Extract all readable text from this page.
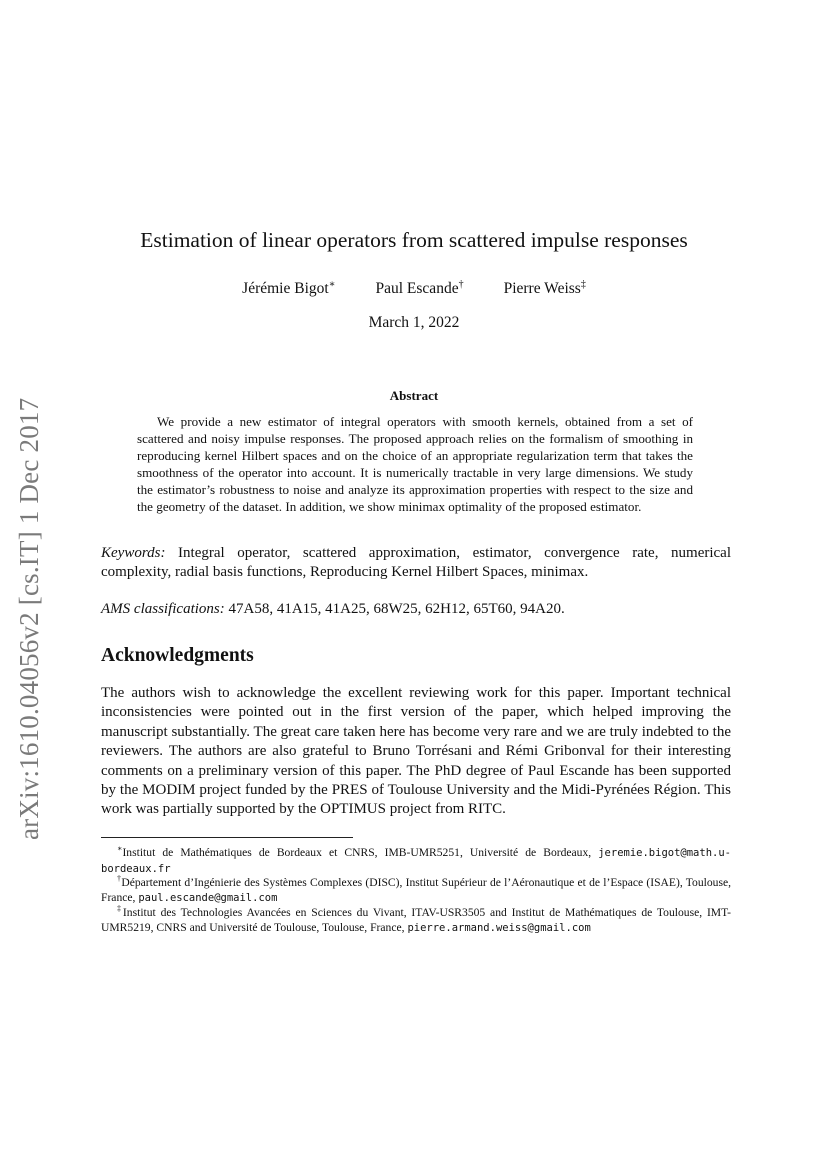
arXiv:1610.04056v2 [cs.IT] 1 Dec 2017
Estimation of linear operators from scattered impulse responses
Jérémie Bigot∗	Paul Escande†	Pierre Weiss‡
March 1, 2022
Abstract
We provide a new estimator of integral operators with smooth kernels, obtained from a set of scattered and noisy impulse responses. The proposed approach relies on the formalism of smoothing in reproducing kernel Hilbert spaces and on the choice of an appropriate regularization term that takes the smoothness of the operator into account. It is numerically tractable in very large dimensions. We study the estimator’s robustness to noise and analyze its approximation properties with respect to the size and the geometry of the dataset. In addition, we show minimax optimality of the proposed estimator.
Keywords: Integral operator, scattered approximation, estimator, convergence rate, numerical complexity, radial basis functions, Reproducing Kernel Hilbert Spaces, minimax.
AMS classifications: 47A58, 41A15, 41A25, 68W25, 62H12, 65T60, 94A20.
Acknowledgments
The authors wish to acknowledge the excellent reviewing work for this paper. Important technical inconsistencies were pointed out in the first version of the paper, which helped improving the manuscript substantially. The great care taken here has become very rare and we are truly indebted to the reviewers. The authors are also grateful to Bruno Torrésani and Rémi Gribonval for their interesting comments on a preliminary version of this paper. The PhD degree of Paul Escande has been supported by the MODIM project funded by the PRES of Toulouse University and the Midi-Pyrénées Région. This work was partially supported by the OPTIMUS project from RITC.
∗Institut de Mathématiques de Bordeaux et CNRS, IMB-UMR5251, Université de Bordeaux, jeremie.bigot@math.u-bordeaux.fr
†Département d’Ingénierie des Systèmes Complexes (DISC), Institut Supérieur de l’Aéronautique et de l’Espace (ISAE), Toulouse, France, paul.escande@gmail.com
‡Institut des Technologies Avancées en Sciences du Vivant, ITAV-USR3505 and Institut de Mathématiques de Toulouse, IMT-UMR5219, CNRS and Université de Toulouse, Toulouse, France, pierre.armand.weiss@gmail.com
